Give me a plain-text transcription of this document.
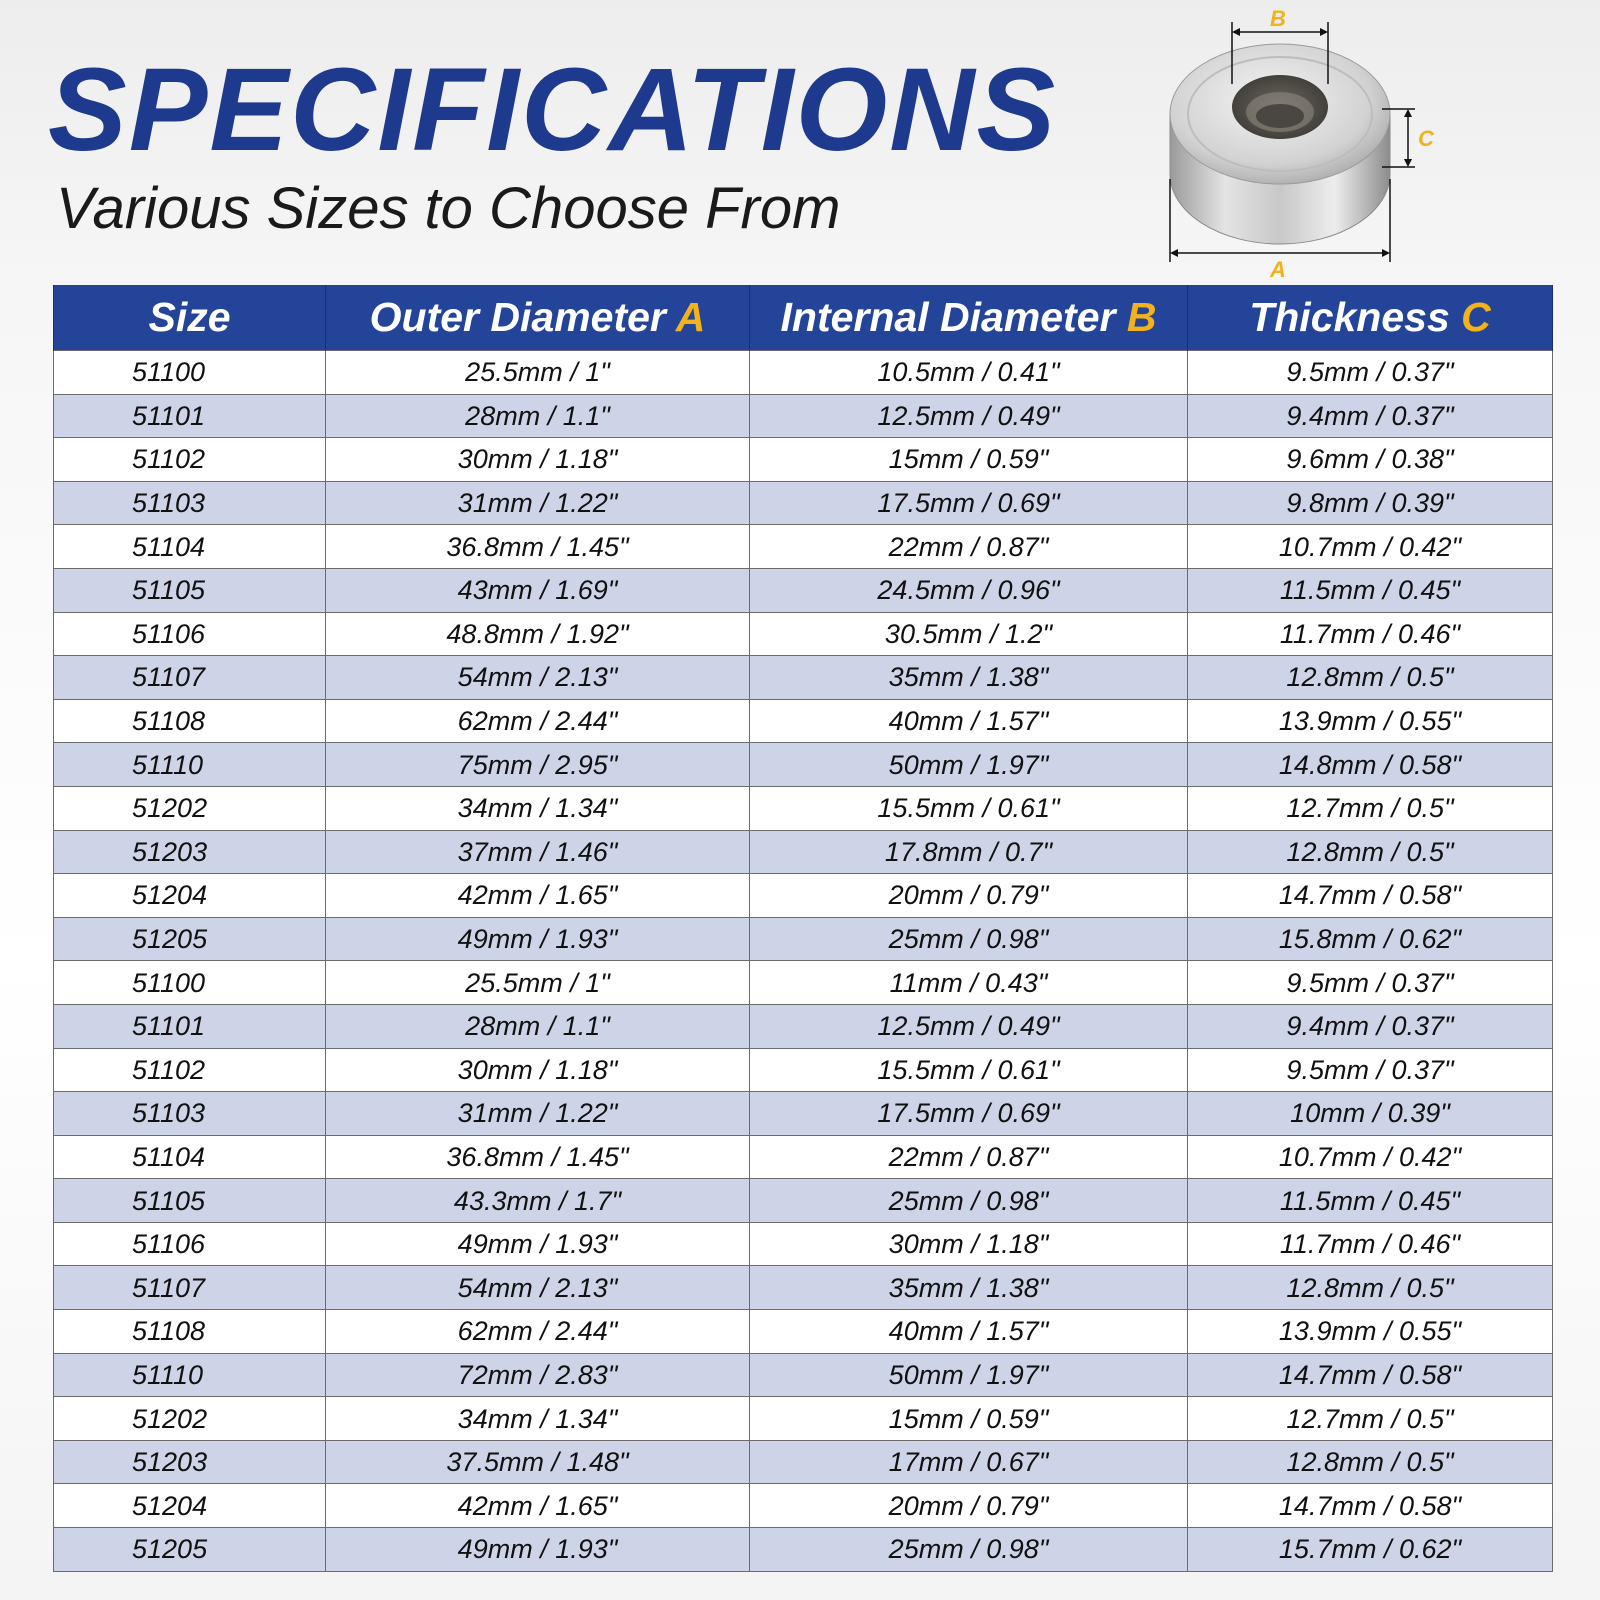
SPECIFICATIONS

Various Sizes to Choose From

B
C
A
Size	Outer Diameter A	Internal Diameter B	Thickness C
51100	25.5mm / 1"	10.5mm / 0.41"	9.5mm / 0.37"
51101	28mm / 1.1"	12.5mm / 0.49"	9.4mm / 0.37"
51102	30mm / 1.18"	15mm / 0.59"	9.6mm / 0.38"
51103	31mm / 1.22"	17.5mm / 0.69"	9.8mm / 0.39"
51104	36.8mm / 1.45"	22mm / 0.87"	10.7mm / 0.42"
51105	43mm / 1.69"	24.5mm / 0.96"	11.5mm / 0.45"
51106	48.8mm / 1.92"	30.5mm / 1.2"	11.7mm / 0.46"
51107	54mm / 2.13"	35mm / 1.38"	12.8mm / 0.5"
51108	62mm / 2.44"	40mm / 1.57"	13.9mm / 0.55"
51110	75mm / 2.95"	50mm / 1.97"	14.8mm / 0.58"
51202	34mm / 1.34"	15.5mm / 0.61"	12.7mm / 0.5"
51203	37mm / 1.46"	17.8mm / 0.7"	12.8mm / 0.5"
51204	42mm / 1.65"	20mm / 0.79"	14.7mm / 0.58"
51205	49mm / 1.93"	25mm / 0.98"	15.8mm / 0.62"
51100	25.5mm / 1"	11mm / 0.43"	9.5mm / 0.37"
51101	28mm / 1.1"	12.5mm / 0.49"	9.4mm / 0.37"
51102	30mm / 1.18"	15.5mm / 0.61"	9.5mm / 0.37"
51103	31mm / 1.22"	17.5mm / 0.69"	10mm / 0.39"
51104	36.8mm / 1.45"	22mm / 0.87"	10.7mm / 0.42"
51105	43.3mm / 1.7"	25mm / 0.98"	11.5mm / 0.45"
51106	49mm / 1.93"	30mm / 1.18"	11.7mm / 0.46"
51107	54mm / 2.13"	35mm / 1.38"	12.8mm / 0.5"
51108	62mm / 2.44"	40mm / 1.57"	13.9mm / 0.55"
51110	72mm / 2.83"	50mm / 1.97"	14.7mm / 0.58"
51202	34mm / 1.34"	15mm / 0.59"	12.7mm / 0.5"
51203	37.5mm / 1.48"	17mm / 0.67"	12.8mm / 0.5"
51204	42mm / 1.65"	20mm / 0.79"	14.7mm / 0.58"
51205	49mm / 1.93"	25mm / 0.98"	15.7mm / 0.62"
